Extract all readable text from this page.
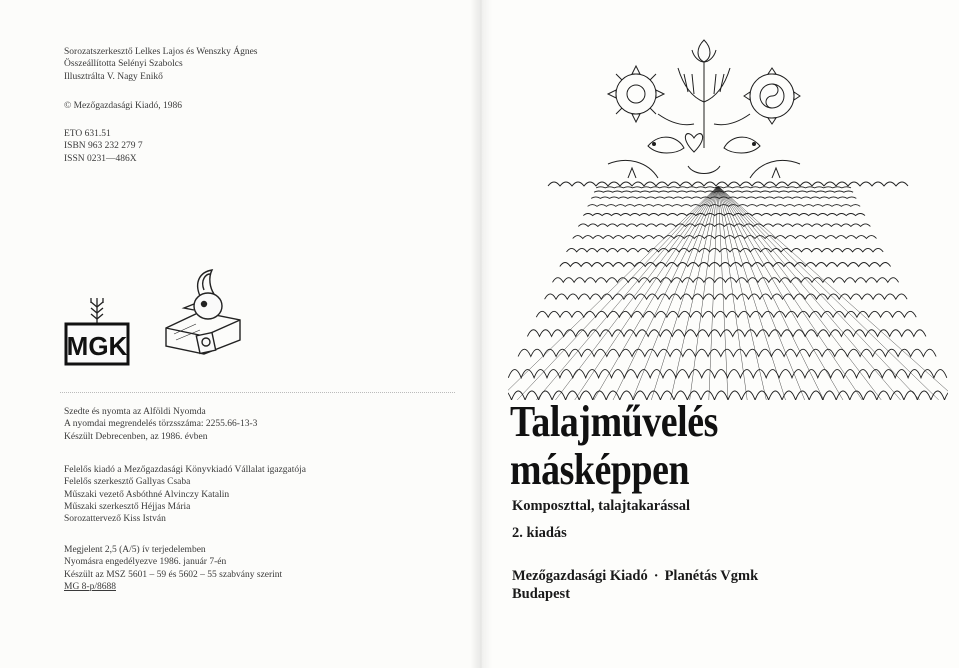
Sorozatszerkesztő Lelkes Lajos és Wenszky Ágnes
Összeállította Selényi Szabolcs
Illusztrálta V. Nagy Enikő
© Mezőgazdasági Kiadó, 1986
ETO 631.51
ISBN 963 232 279 7
ISSN 0231—486X
MGK
Szedte és nyomta az Alföldi Nyomda
A nyomdai megrendelés törzsszáma: 2255.66-13-3
Készült Debrecenben, az 1986. évben
Felelős kiadó a Mezőgazdasági Könyvkiadó Vállalat igazgatója
Felelős szerkesztő Gallyas Csaba
Műszaki vezető Asbóthné Alvinczy Katalin
Műszaki szerkesztő Héjjas Mária
Sorozattervező Kiss István
Megjelent 2,5 (A/5) ív terjedelemben
Nyomásra engedélyezve 1986. január 7-én
Készült az MSZ 5601 – 59 és 5602 – 55 szabvány szerint
MG 8-p/8688
Talajművelés
másképpen
Komposzttal, talajtakarással
2. kiadás
Mezőgazdasági Kiadó · Planétás Vgmk
Budapest
